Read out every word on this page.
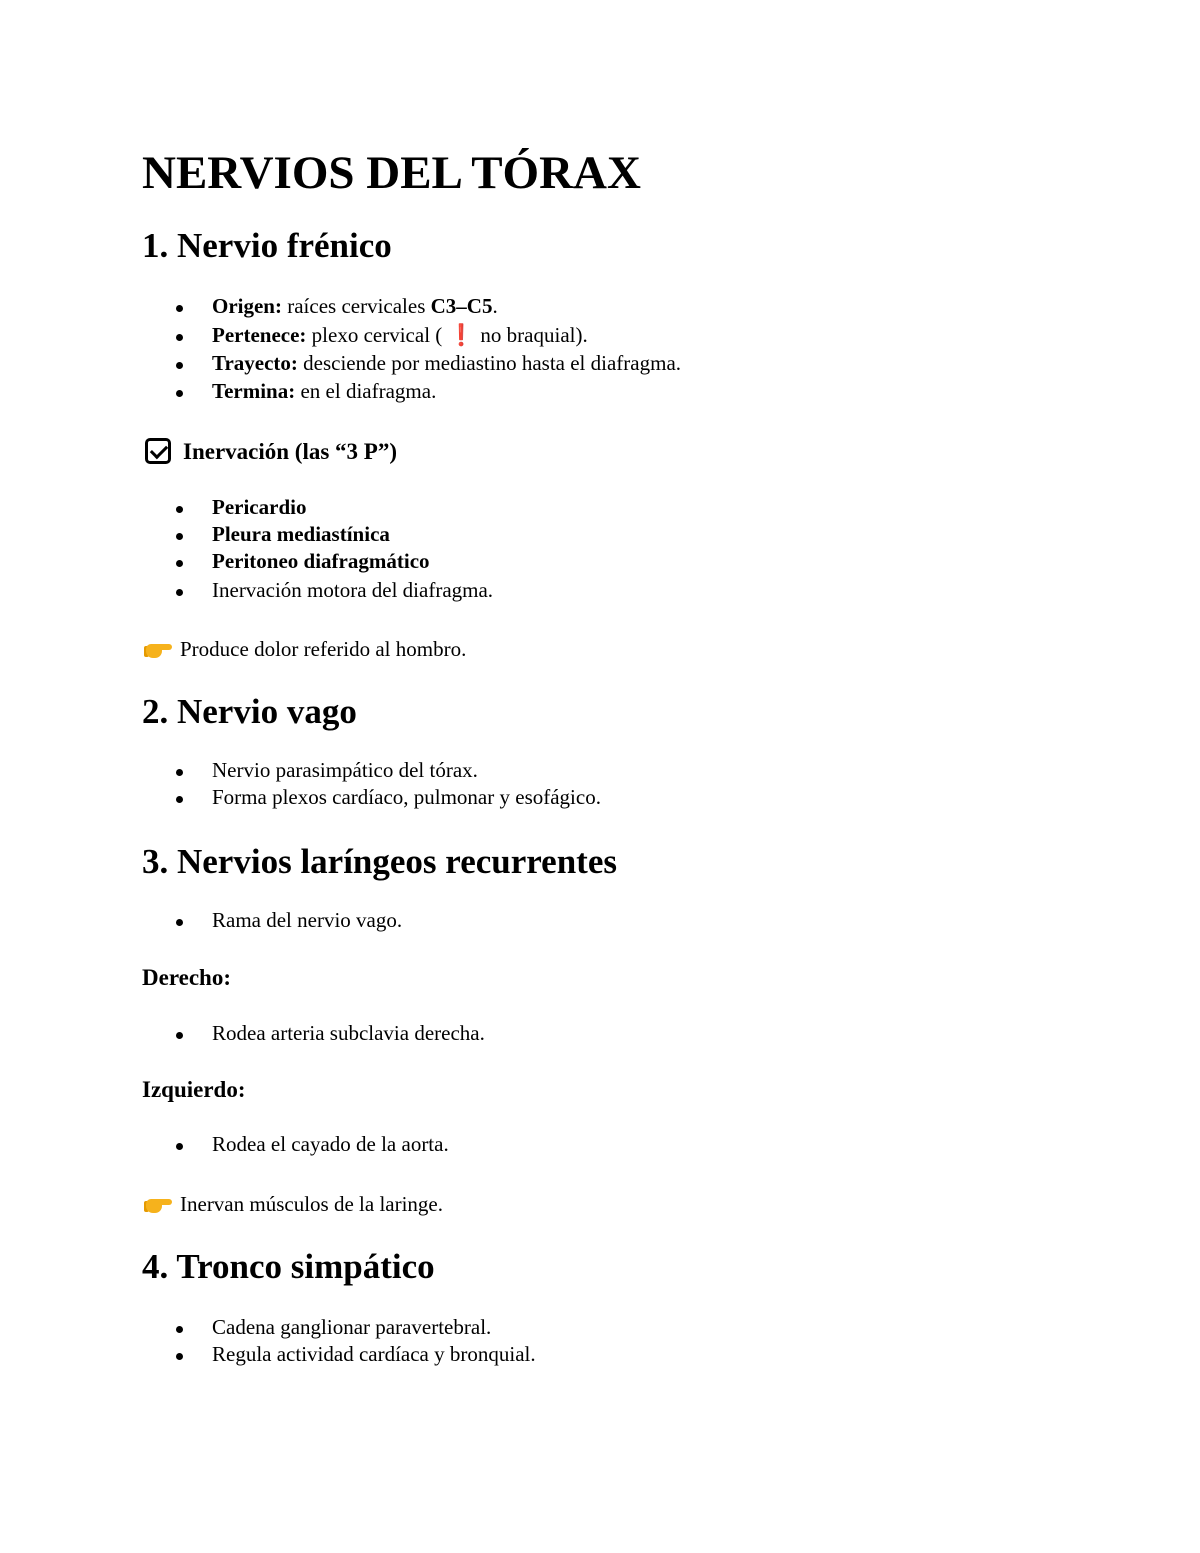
NERVIOS DEL TÓRAX
1. Nervio frénico
Origen: raíces cervicales C3–C5.
Pertenece: plexo cervical ( ❗ no braquial).
Trayecto: desciende por mediastino hasta el diafragma.
Termina: en el diafragma.
Inervación (las “3 P”)
Pericardio
Pleura mediastínica
Peritoneo diafragmático
Inervación motora del diafragma.
Produce dolor referido al hombro.
2. Nervio vago
Nervio parasimpático del tórax.
Forma plexos cardíaco, pulmonar y esofágico.
3. Nervios laríngeos recurrentes
Rama del nervio vago.
Derecho:
Rodea arteria subclavia derecha.
Izquierdo:
Rodea el cayado de la aorta.
Inervan músculos de la laringe.
4. Tronco simpático
Cadena ganglionar paravertebral.
Regula actividad cardíaca y bronquial.
